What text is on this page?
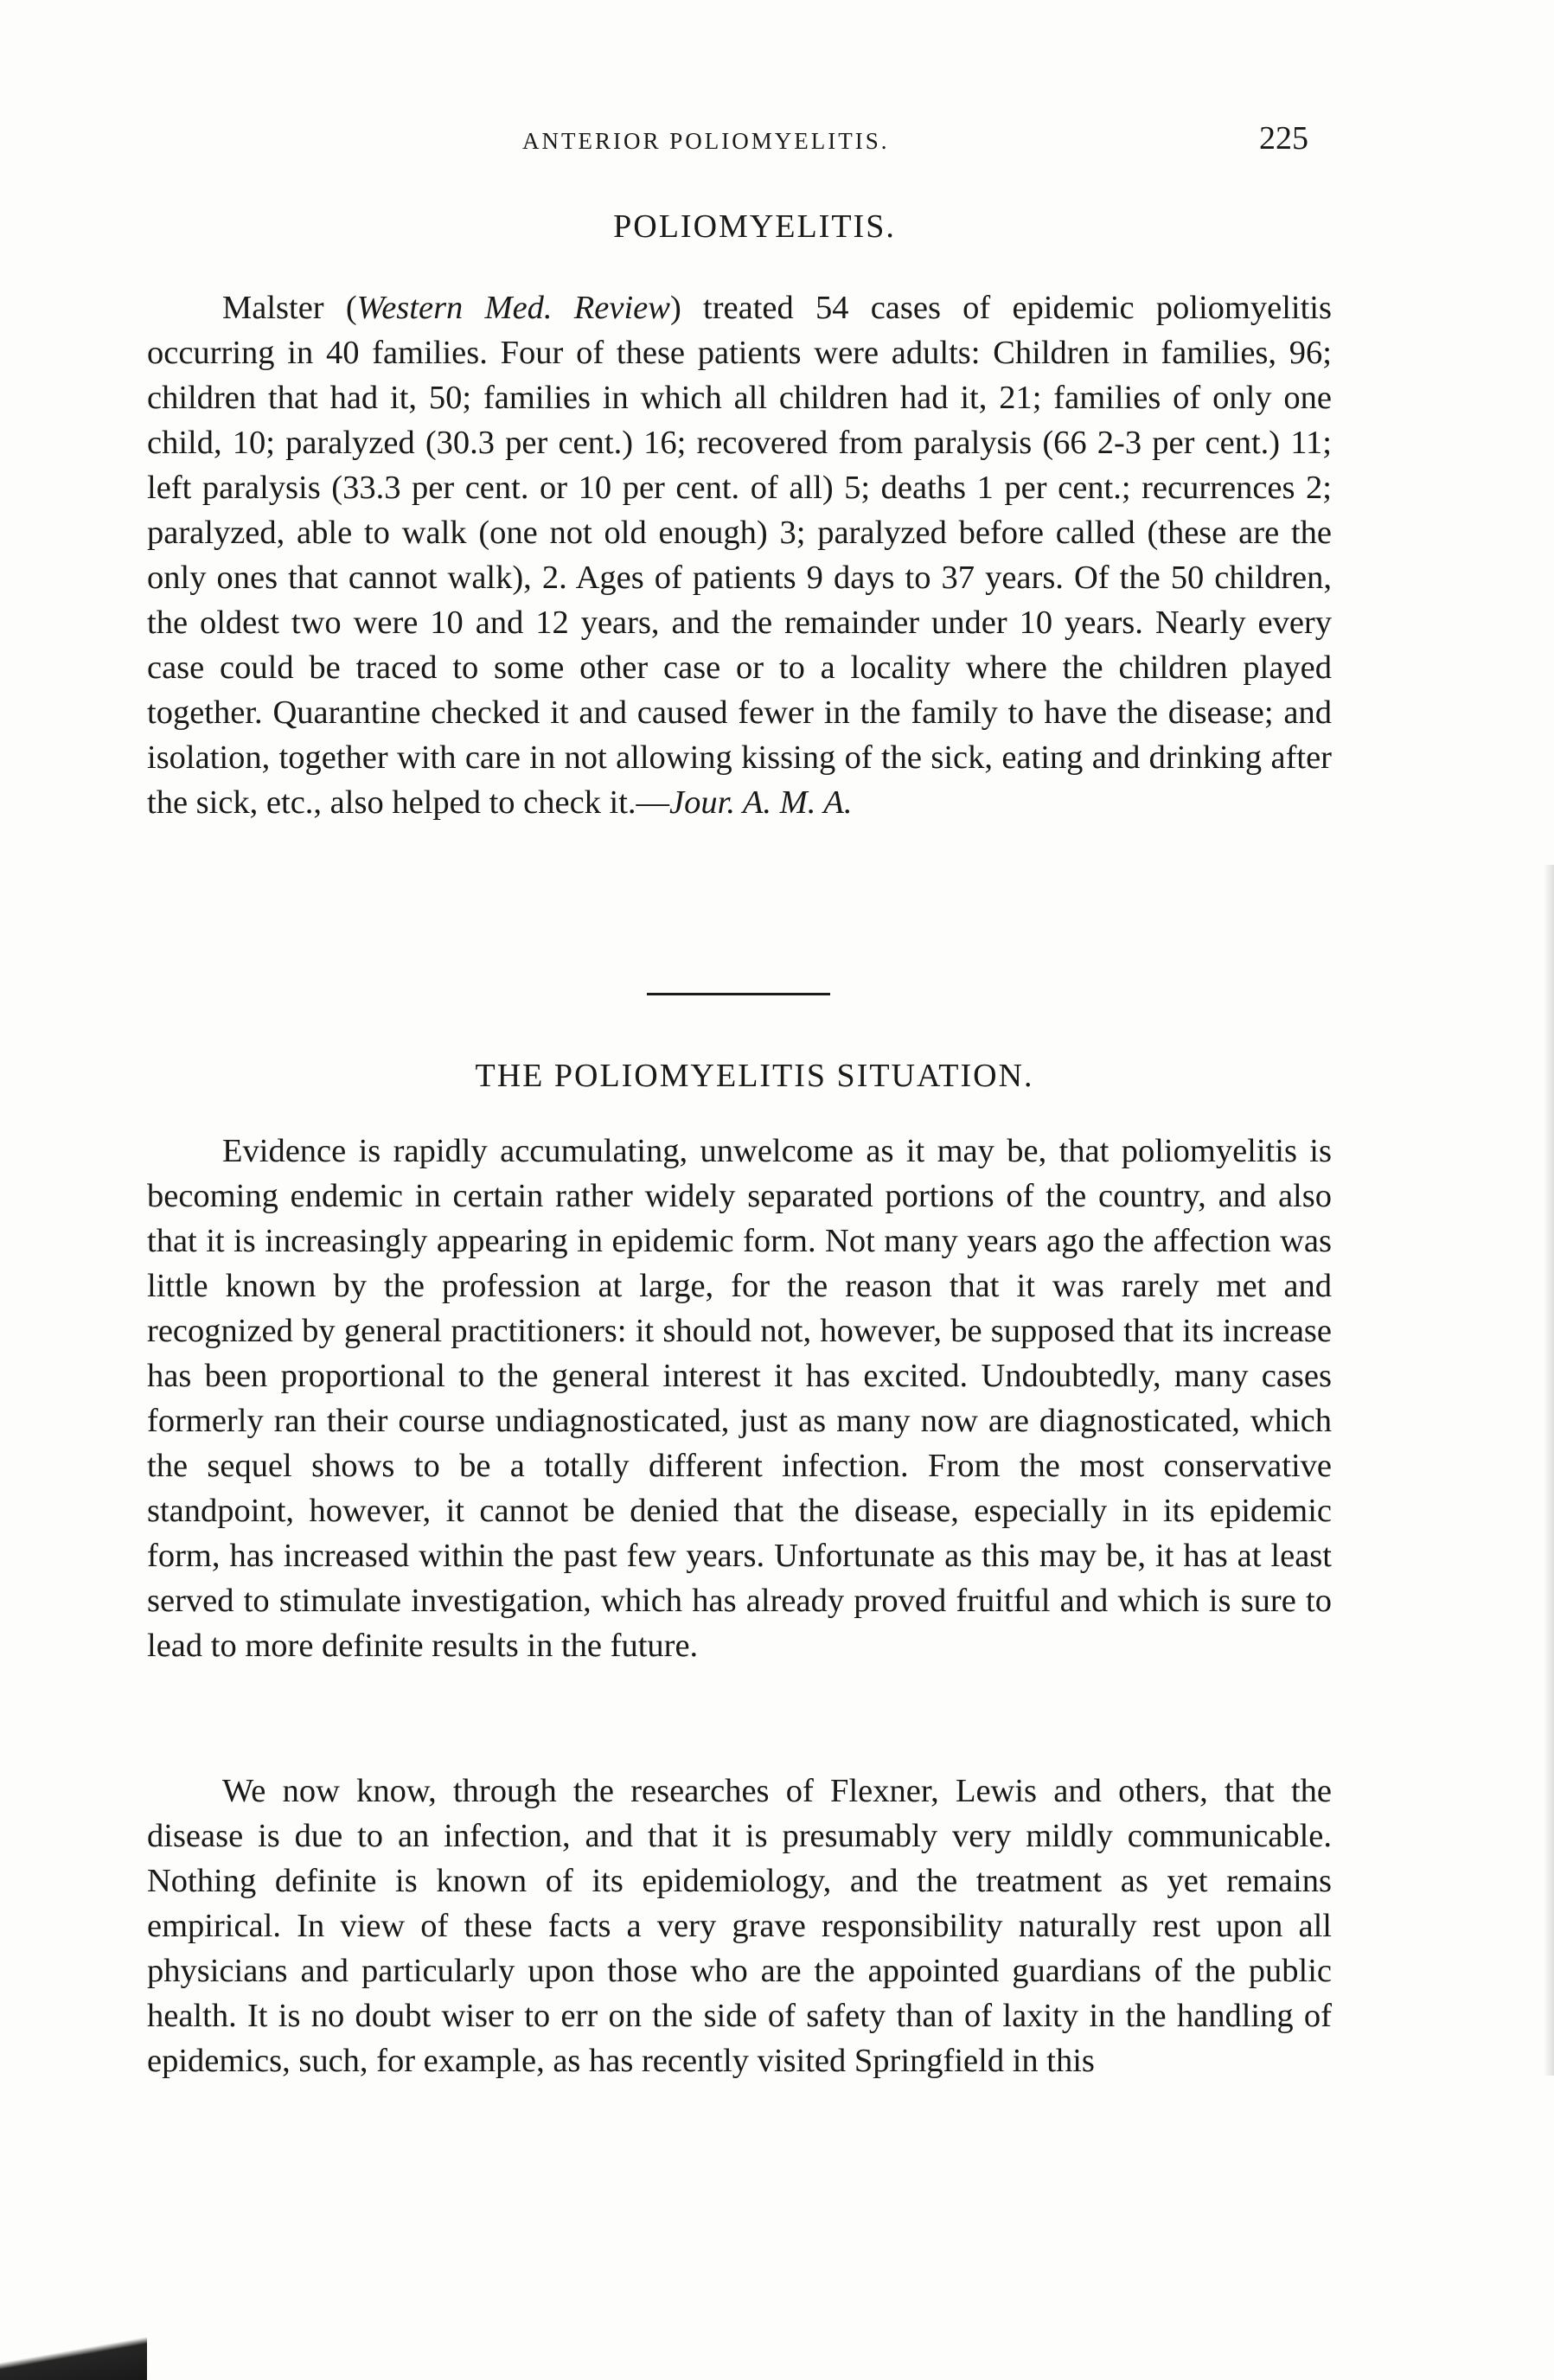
ANTERIOR POLIOMYELITIS.	225
POLIOMYELITIS.

Malster (Western Med. Review) treated 54 cases of epidemic poliomyelitis occurring in 40 families. Four of these patients were adults: Children in families, 96; children that had it, 50; families in which all children had it, 21; families of only one child, 10; paralyzed (30.3 per cent.) 16; recovered from paralysis (66 2-3 per cent.) 11; left paralysis (33.3 per cent. or 10 per cent. of all) 5; deaths 1 per cent.; recurrences 2; paralyzed, able to walk (one not old enough) 3; paralyzed before called (these are the only ones that cannot walk), 2. Ages of patients 9 days to 37 years. Of the 50 children, the oldest two were 10 and 12 years, and the remainder under 10 years. Nearly every case could be traced to some other case or to a locality where the children played together. Quarantine checked it and caused fewer in the family to have the disease; and isolation, together with care in not allowing kissing of the sick, eating and drinking after the sick, etc., also helped to check it.—Jour. A. M. A.

THE POLIOMYELITIS SITUATION.

Evidence is rapidly accumulating, unwelcome as it may be, that poliomyelitis is becoming endemic in certain rather widely separated portions of the country, and also that it is increasingly appearing in epidemic form. Not many years ago the affection was little known by the profession at large, for the reason that it was rarely met and recognized by general practitioners: it should not, however, be supposed that its increase has been proportional to the general interest it has excited. Undoubtedly, many cases formerly ran their course undiagnosticated, just as many now are diagnosticated, which the sequel shows to be a totally different infection. From the most conservative standpoint, however, it cannot be denied that the disease, especially in its epidemic form, has increased within the past few years. Unfortunate as this may be, it has at least served to stimulate investigation, which has already proved fruitful and which is sure to lead to more definite results in the future.

We now know, through the researches of Flexner, Lewis and others, that the disease is due to an infection, and that it is presumably very mildly communicable. Nothing definite is known of its epidemiology, and the treatment as yet remains empirical. In view of these facts a very grave responsibility naturally rest upon all physicians and particularly upon those who are the appointed guardians of the public health. It is no doubt wiser to err on the side of safety than of laxity in the handling of epidemics, such, for example, as has recently visited Springfield in this
